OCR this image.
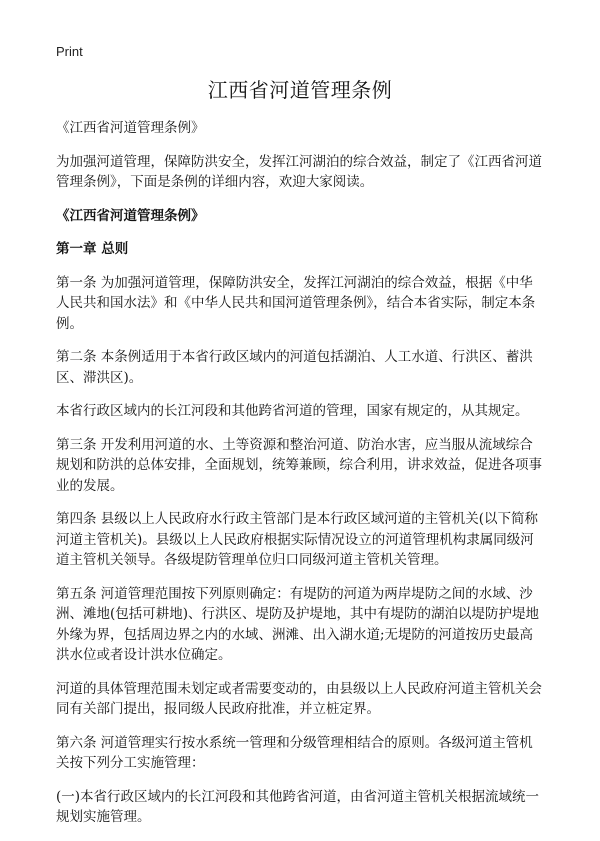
Print
江西省河道管理条例

《江西省河道管理条例》

为加强河道管理，保障防洪安全，发挥江河湖泊的综合效益，制定了《江西省河道管理条例》，下面是条例的详细内容，欢迎大家阅读。

《江西省河道管理条例》

第一章 总则

第一条 为加强河道管理，保障防洪安全，发挥江河湖泊的综合效益，根据《中华人民共和国水法》和《中华人民共和国河道管理条例》，结合本省实际，制定本条例。

第二条 本条例适用于本省行政区域内的河道包括湖泊、人工水道、行洪区、蓄洪区、滞洪区)。

本省行政区域内的长江河段和其他跨省河道的管理，国家有规定的，从其规定。

第三条 开发利用河道的水、土等资源和整治河道、防治水害，应当服从流域综合规划和防洪的总体安排，全面规划，统筹兼顾，综合利用，讲求效益，促进各项事业的发展。

第四条 县级以上人民政府水行政主管部门是本行政区域河道的主管机关(以下简称河道主管机关)。县级以上人民政府根据实际情况设立的河道管理机构隶属同级河道主管机关领导。各级堤防管理单位归口同级河道主管机关管理。

第五条 河道管理范围按下列原则确定：有堤防的河道为两岸堤防之间的水域、沙洲、滩地(包括可耕地)、行洪区、堤防及护堤地，其中有堤防的湖泊以堤防护堤地外缘为界，包括周边界之内的水域、洲滩、出入湖水道;无堤防的河道按历史最高洪水位或者设计洪水位确定。

河道的具体管理范围未划定或者需要变动的，由县级以上人民政府河道主管机关会同有关部门提出，报同级人民政府批准，并立桩定界。

第六条 河道管理实行按水系统一管理和分级管理相结合的原则。各级河道主管机关按下列分工实施管理：

(一)本省行政区域内的长江河段和其他跨省河道，由省河道主管机关根据流域统一规划实施管理。
